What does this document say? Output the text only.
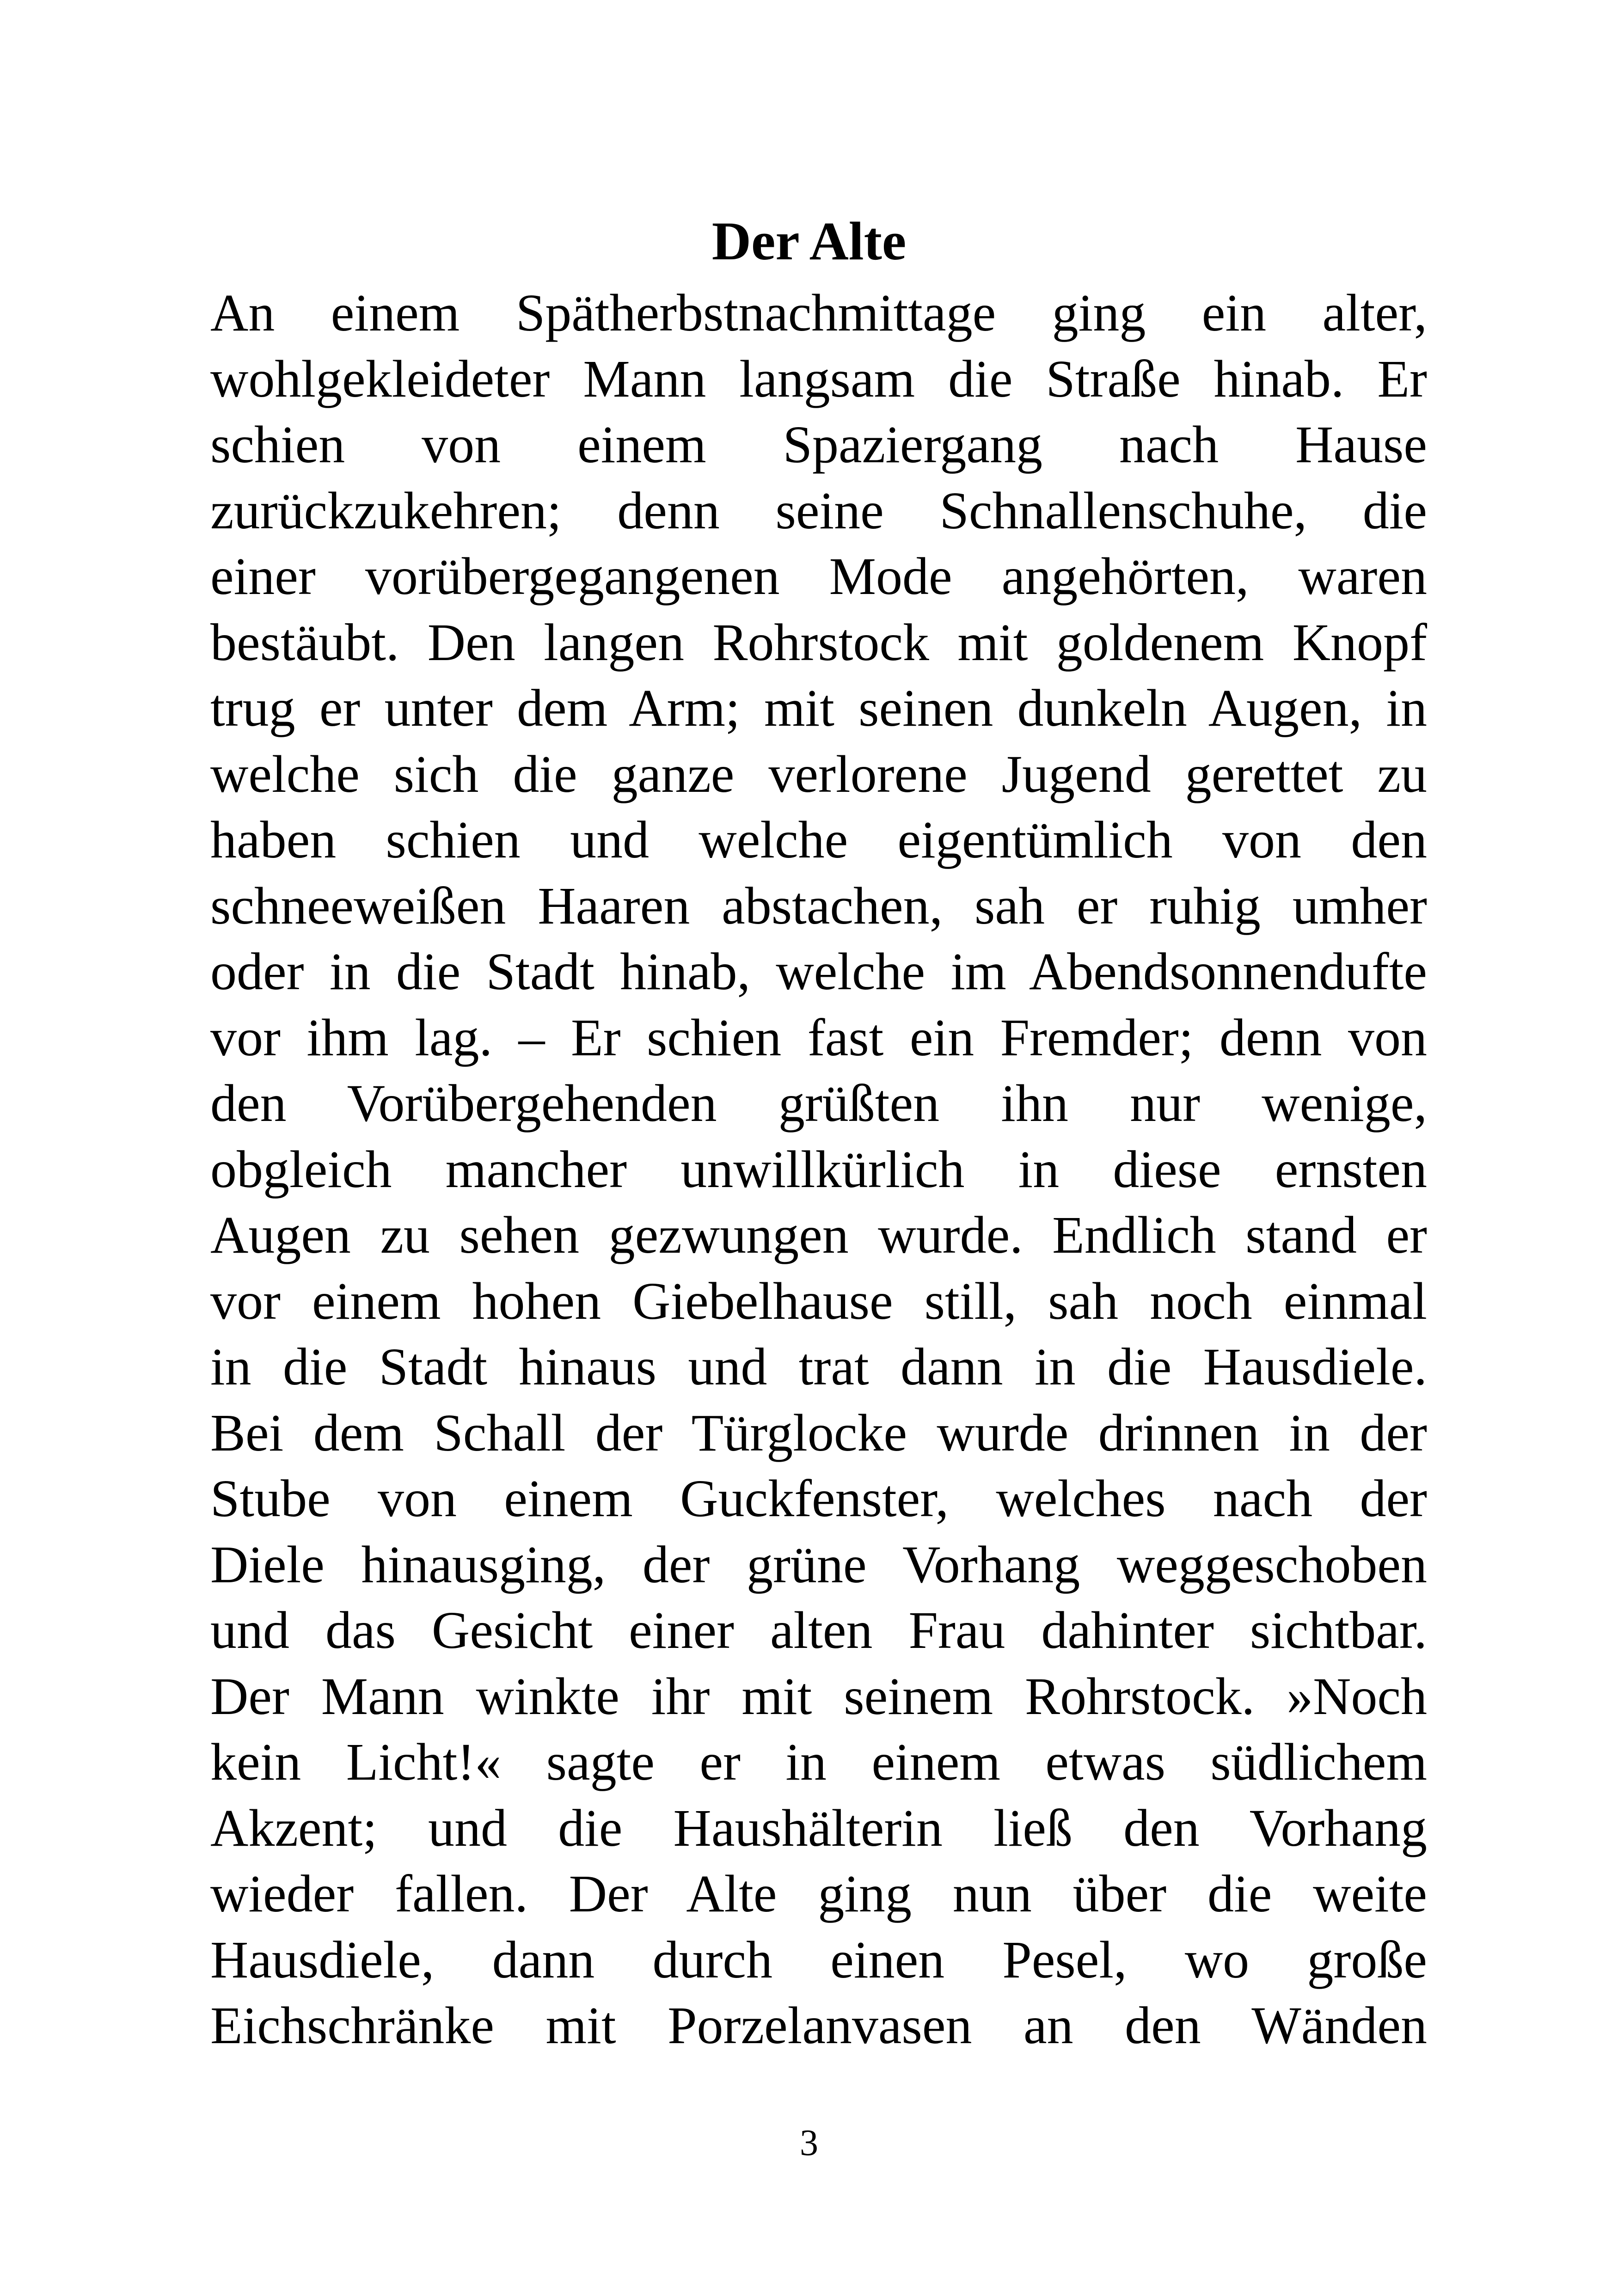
Der Alte
An einem Spätherbstnachmittage ging ein alter,
wohlgekleideter Mann langsam die Straße hinab. Er
schien von einem Spaziergang nach Hause
zurückzukehren; denn seine Schnallenschuhe, die
einer vorübergegangenen Mode angehörten, waren
bestäubt. Den langen Rohrstock mit goldenem Knopf
trug er unter dem Arm; mit seinen dunkeln Augen, in
welche sich die ganze verlorene Jugend gerettet zu
haben schien und welche eigentümlich von den
schneeweißen Haaren abstachen, sah er ruhig umher
oder in die Stadt hinab, welche im Abendsonnendufte
vor ihm lag. – Er schien fast ein Fremder; denn von
den Vorübergehenden grüßten ihn nur wenige,
obgleich mancher unwillkürlich in diese ernsten
Augen zu sehen gezwungen wurde. Endlich stand er
vor einem hohen Giebelhause still, sah noch einmal
in die Stadt hinaus und trat dann in die Hausdiele.
Bei dem Schall der Türglocke wurde drinnen in der
Stube von einem Guckfenster, welches nach der
Diele hinausging, der grüne Vorhang weggeschoben
und das Gesicht einer alten Frau dahinter sichtbar.
Der Mann winkte ihr mit seinem Rohrstock. »Noch
kein Licht!« sagte er in einem etwas südlichem
Akzent; und die Haushälterin ließ den Vorhang
wieder fallen. Der Alte ging nun über die weite
Hausdiele, dann durch einen Pesel, wo große
Eichschränke mit Porzelanvasen an den Wänden
3
